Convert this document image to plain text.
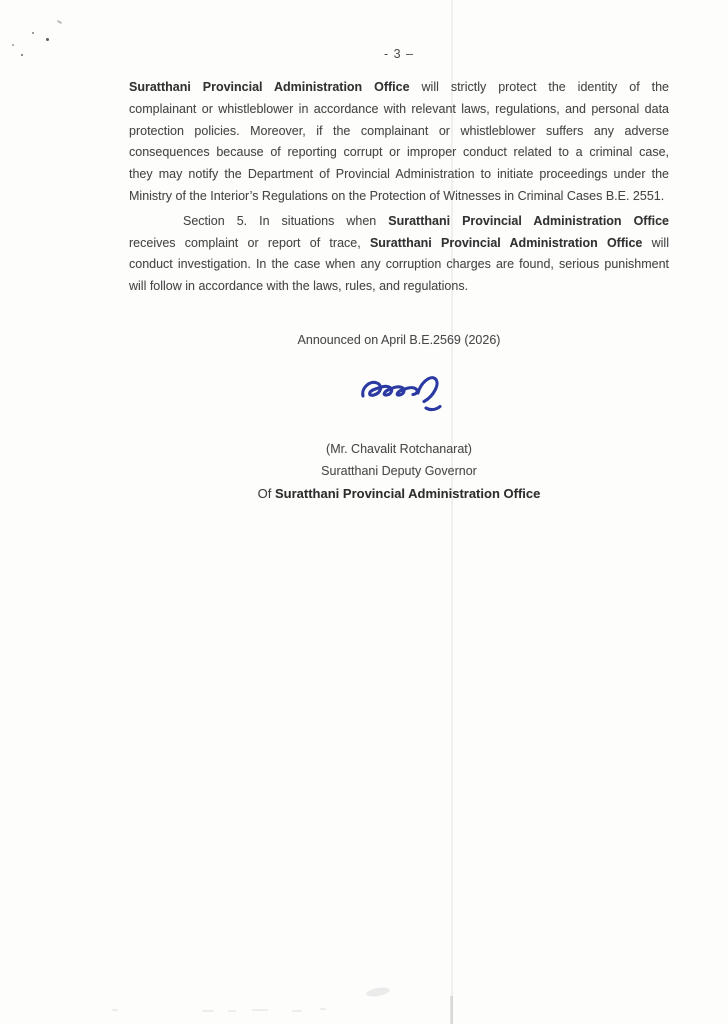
- 3 –
Suratthani Provincial Administration Office will strictly protect the identity of the
complainant or whistleblower in accordance with relevant laws, regulations, and personal data
protection policies. Moreover, if the complainant or whistleblower suffers any adverse
consequences because of reporting corrupt or improper conduct related to a criminal case,
they may notify the Department of Provincial Administration to initiate proceedings under the
Ministry of the Interior’s Regulations on the Protection of Witnesses in Criminal Cases B.E. 2551.
Section 5. In situations when Suratthani Provincial Administration Office
receives complaint or report of trace, Suratthani Provincial Administration Office will
conduct investigation. In the case when any corruption charges are found, serious punishment
will follow in accordance with the laws, rules, and regulations.
Announced on April B.E.2569 (2026)
(Mr. Chavalit Rotchanarat)
Suratthani Deputy Governor
Of Suratthani Provincial Administration Office
